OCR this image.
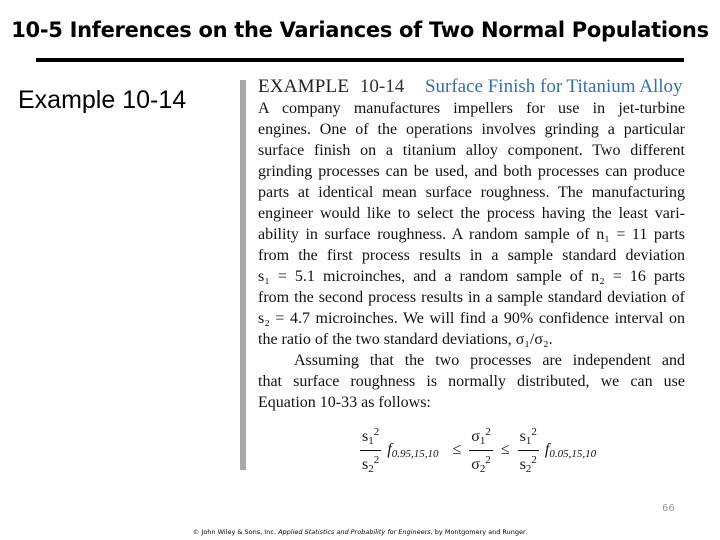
10-5 Inferences on the Variances of Two Normal Populations
Example 10-14	EXAMPLE 10-14 Surface Finish for Titanium Alloy
A company manufactures impellers for use in jet-turbine
engines. One of the operations involves grinding a particular
surface finish on a titanium alloy component. Two different
grinding processes can be used, and both processes can produce
parts at identical mean surface roughness. The manufacturing
engineer would like to select the process having the least vari-
ability in surface roughness. A random sample of n₁ = 11 parts
from the first process results in a sample standard deviation
s₁ = 5.1 microinches, and a random sample of n₂ = 16 parts
from the second process results in a sample standard deviation of
s₂ = 4.7 microinches. We will find a 90% confidence interval on
the ratio of the two standard deviations, σ₁/σ₂.
Assuming that the two processes are independent and
that surface roughness is normally distributed, we can use
Equation 10-33 as follows:
$\frac{s_1^2}{s_2^2} f_{0.95,15,10} \le \frac{\sigma_1^2}{\sigma_2^2} \le \frac{s_1^2}{s_2^2} f_{0.05,15,10}$
66
© John Wiley & Sons, Inc. Applied Statistics and Probability for Engineers, by Montgomery and Runger.
